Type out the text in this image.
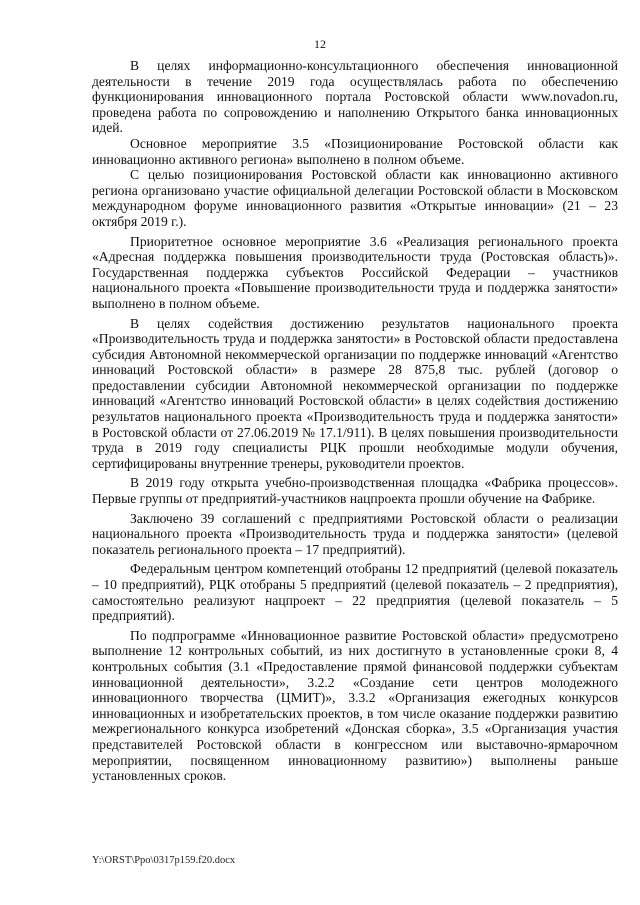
12

В целях информационно-консультационного обеспечения инновационной деятельности в течение 2019 года осуществлялась работа по обеспечению функционирования инновационного портала Ростовской области www.novadon.ru, проведена работа по сопровождению и наполнению Открытого банка инновационных идей.

Основное мероприятие 3.5 «Позиционирование Ростовской области как инновационно активного региона» выполнено в полном объеме.

С целью позиционирования Ростовской области как инновационно активного региона организовано участие официальной делегации Ростовской области в Московском международном форуме инновационного развития «Открытые инновации» (21 – 23 октября 2019 г.).

Приоритетное основное мероприятие 3.6 «Реализация регионального проекта «Адресная поддержка повышения производительности труда (Ростовская область)». Государственная поддержка субъектов Российской Федерации – участников национального проекта «Повышение производительности труда и поддержка занятости» выполнено в полном объеме.

В целях содействия достижению результатов национального проекта «Производительность труда и поддержка занятости» в Ростовской области предоставлена субсидия Автономной некоммерческой организации по поддержке инноваций «Агентство инноваций Ростовской области» в размере 28 875,8 тыс. рублей (договор о предоставлении субсидии Автономной некоммерческой организации по поддержке инноваций «Агентство инноваций Ростовской области» в целях содействия достижению результатов национального проекта «Производительность труда и поддержка занятости» в Ростовской области от 27.06.2019 № 17.1/911). В целях повышения производительности труда в 2019 году специалисты РЦК прошли необходимые модули обучения, сертифицированы внутренние тренеры, руководители проектов.

В 2019 году открыта учебно-производственная площадка «Фабрика процессов». Первые группы от предприятий-участников нацпроекта прошли обучение на Фабрике.

Заключено 39 соглашений с предприятиями Ростовской области о реализации национального проекта «Производительность труда и поддержка занятости» (целевой показатель регионального проекта – 17 предприятий).

Федеральным центром компетенций отобраны 12 предприятий (целевой показатель – 10 предприятий), РЦК отобраны 5 предприятий (целевой показатель – 2 предприятия), самостоятельно реализуют нацпроект – 22 предприятия (целевой показатель – 5 предприятий).

По подпрограмме «Инновационное развитие Ростовской области» предусмотрено выполнение 12 контрольных событий, из них достигнуто в установленные сроки 8, 4 контрольных события (3.1 «Предоставление прямой финансовой поддержки субъектам инновационной деятельности», 3.2.2 «Создание сети центров молодежного инновационного творчества (ЦМИТ)», 3.3.2 «Организация ежегодных конкурсов инновационных и изобретательских проектов, в том числе оказание поддержки развитию межрегионального конкурса изобретений «Донская сборка», 3.5 «Организация участия представителей Ростовской области в конгрессном или выставочно-ярмарочном мероприятии, посвященном инновационному развитию») выполнены раньше установленных сроков.

Y:\ORST\Ppo\0317p159.f20.docx
